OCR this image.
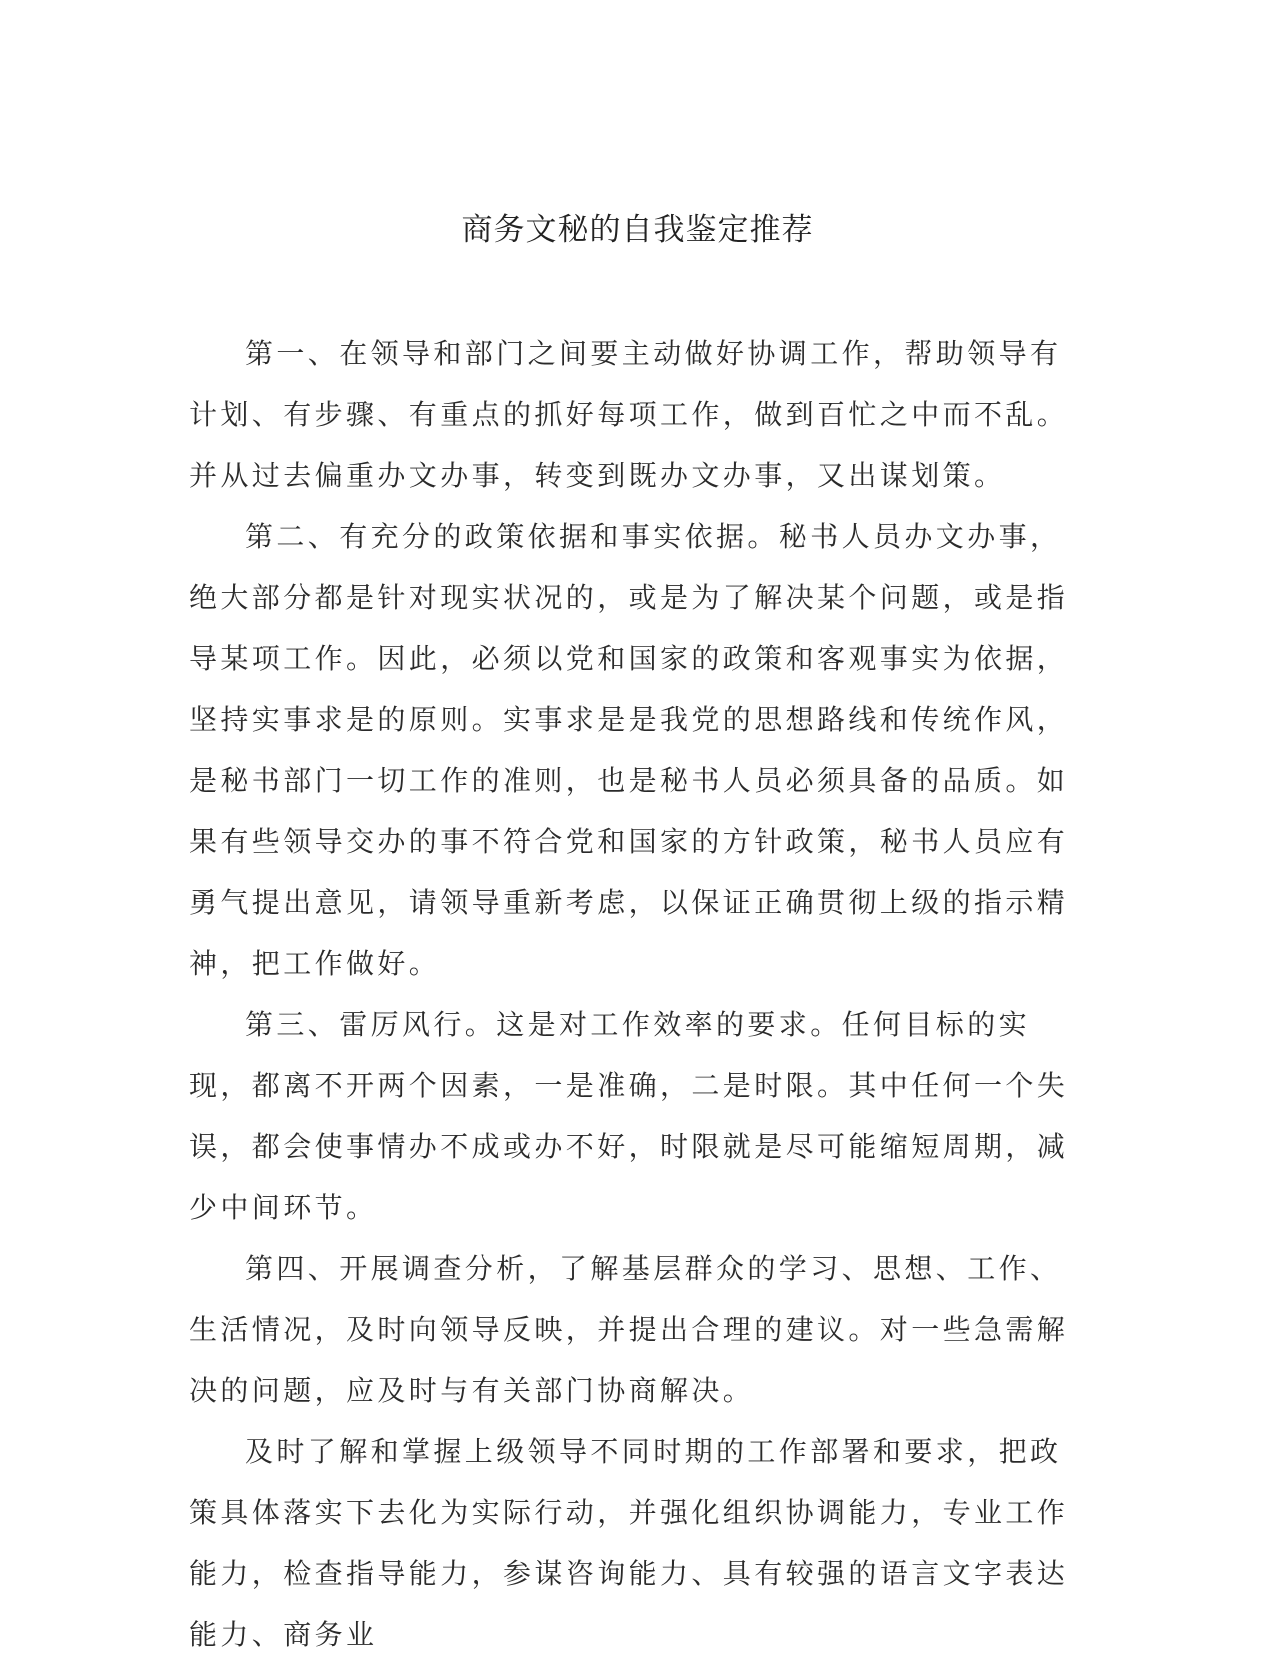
商务文秘的自我鉴定推荐

第一、在领导和部门之间要主动做好协调工作，帮助领导有计划、有步骤、有重点的抓好每项工作，做到百忙之中而不乱。并从过去偏重办文办事，转变到既办文办事，又出谋划策。

第二、有充分的政策依据和事实依据。秘书人员办文办事，绝大部分都是针对现实状况的，或是为了解决某个问题，或是指导某项工作。因此，必须以党和国家的政策和客观事实为依据，坚持实事求是的原则。实事求是是我党的思想路线和传统作风，是秘书部门一切工作的准则，也是秘书人员必须具备的品质。如果有些领导交办的事不符合党和国家的方针政策，秘书人员应有勇气提出意见，请领导重新考虑，以保证正确贯彻上级的指示精神，把工作做好。

第三、雷厉风行。这是对工作效率的要求。任何目标的实现，都离不开两个因素，一是准确，二是时限。其中任何一个失误，都会使事情办不成或办不好，时限就是尽可能缩短周期，减少中间环节。

第四、开展调查分析，了解基层群众的学习、思想、工作、生活情况，及时向领导反映，并提出合理的建议。对一些急需解决的问题，应及时与有关部门协商解决。

及时了解和掌握上级领导不同时期的工作部署和要求，把政策具体落实下去化为实际行动，并强化组织协调能力，专业工作能力，检查指导能力，参谋咨询能力、具有较强的语言文字表达能力、商务业
